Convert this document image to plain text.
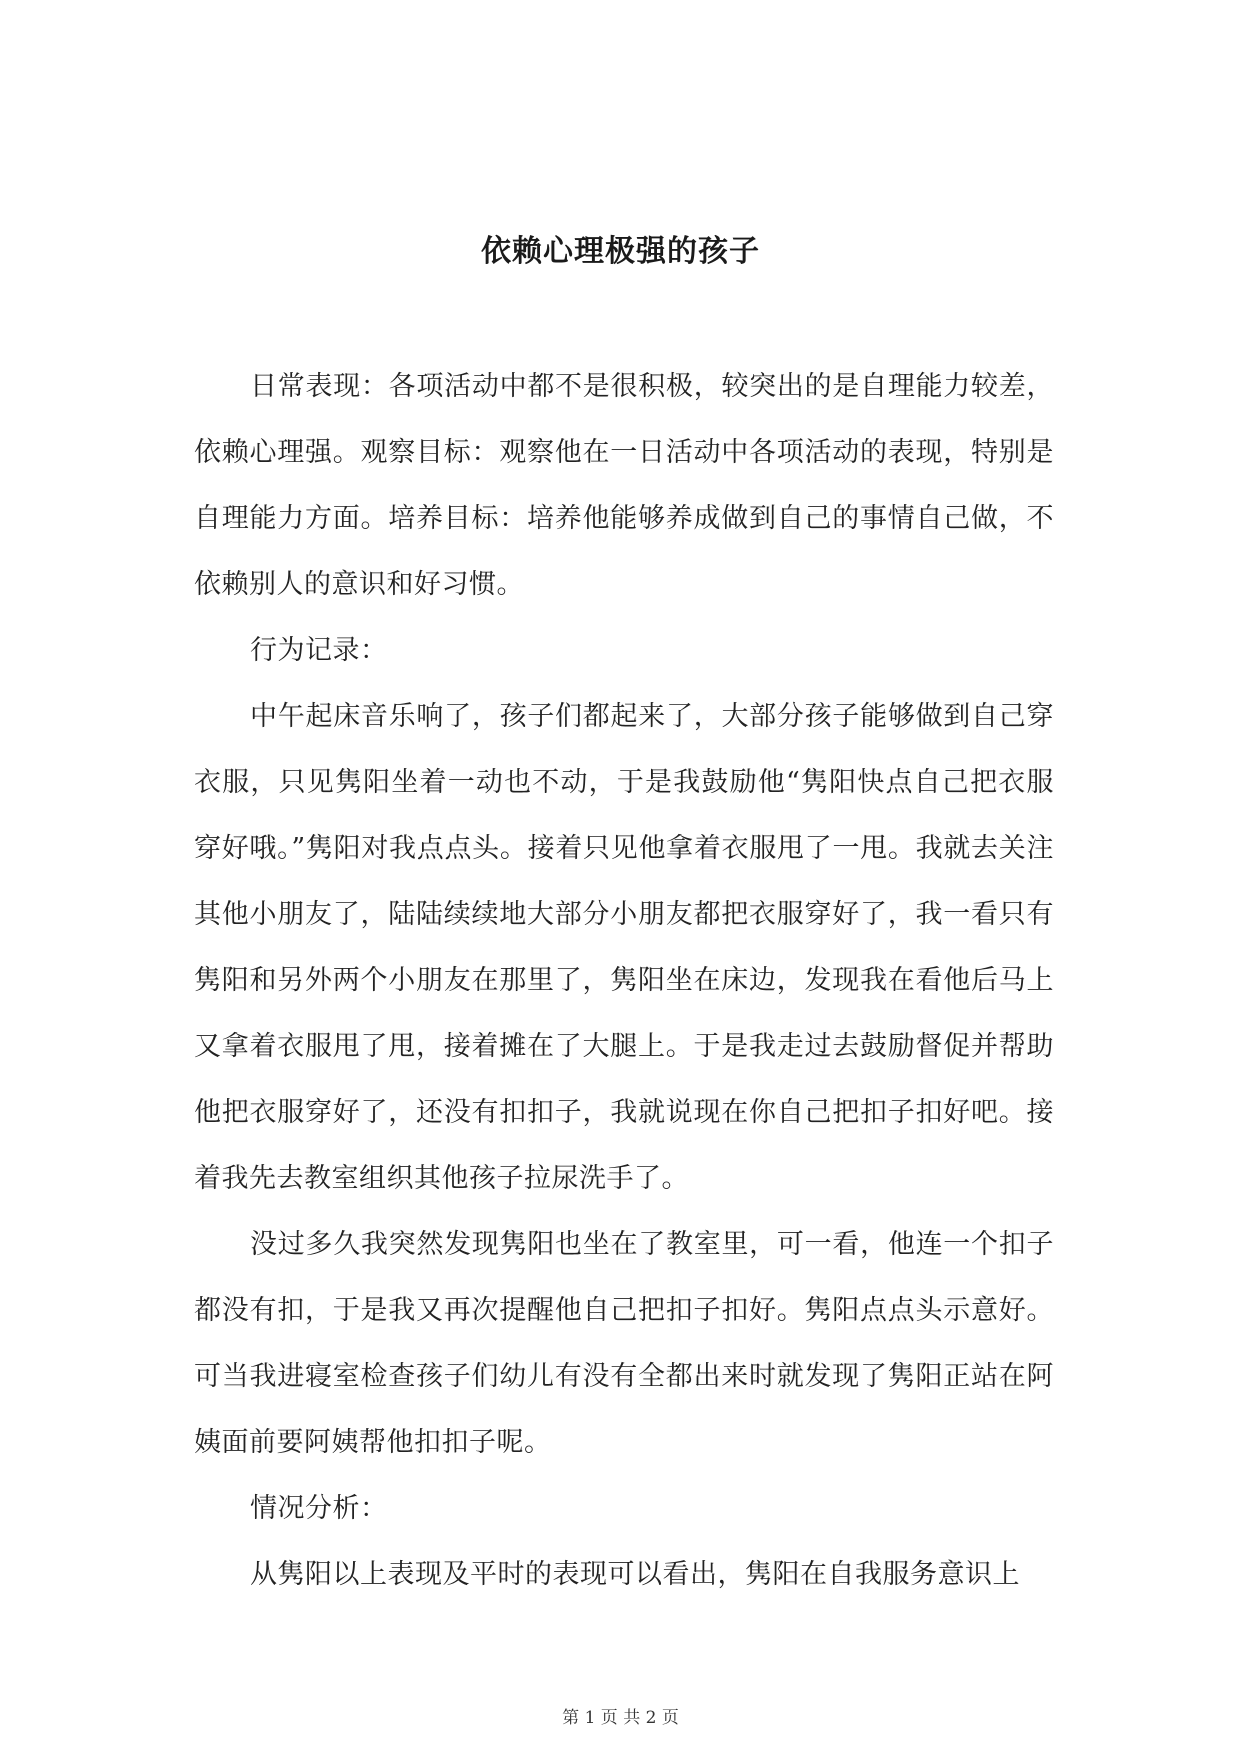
依赖心理极强的孩子

日常表现：各项活动中都不是很积极，较突出的是自理能力较差，依赖心理强。观察目标：观察他在一日活动中各项活动的表现，特别是自理能力方面。培养目标：培养他能够养成做到自己的事情自己做，不依赖别人的意识和好习惯。

行为记录：

中午起床音乐响了，孩子们都起来了，大部分孩子能够做到自己穿衣服，只见隽阳坐着一动也不动，于是我鼓励他“隽阳快点自己把衣服穿好哦。”隽阳对我点点头。接着只见他拿着衣服甩了一甩。我就去关注其他小朋友了，陆陆续续地大部分小朋友都把衣服穿好了，我一看只有隽阳和另外两个小朋友在那里了，隽阳坐在床边，发现我在看他后马上又拿着衣服甩了甩，接着摊在了大腿上。于是我走过去鼓励督促并帮助他把衣服穿好了，还没有扣扣子，我就说现在你自己把扣子扣好吧。接着我先去教室组织其他孩子拉尿洗手了。

没过多久我突然发现隽阳也坐在了教室里，可一看，他连一个扣子都没有扣，于是我又再次提醒他自己把扣子扣好。隽阳点点头示意好。可当我进寝室检查孩子们幼儿有没有全都出来时就发现了隽阳正站在阿姨面前要阿姨帮他扣扣子呢。

情况分析：

从隽阳以上表现及平时的表现可以看出，隽阳在自我服务意识上

第 1 页 共 2 页
